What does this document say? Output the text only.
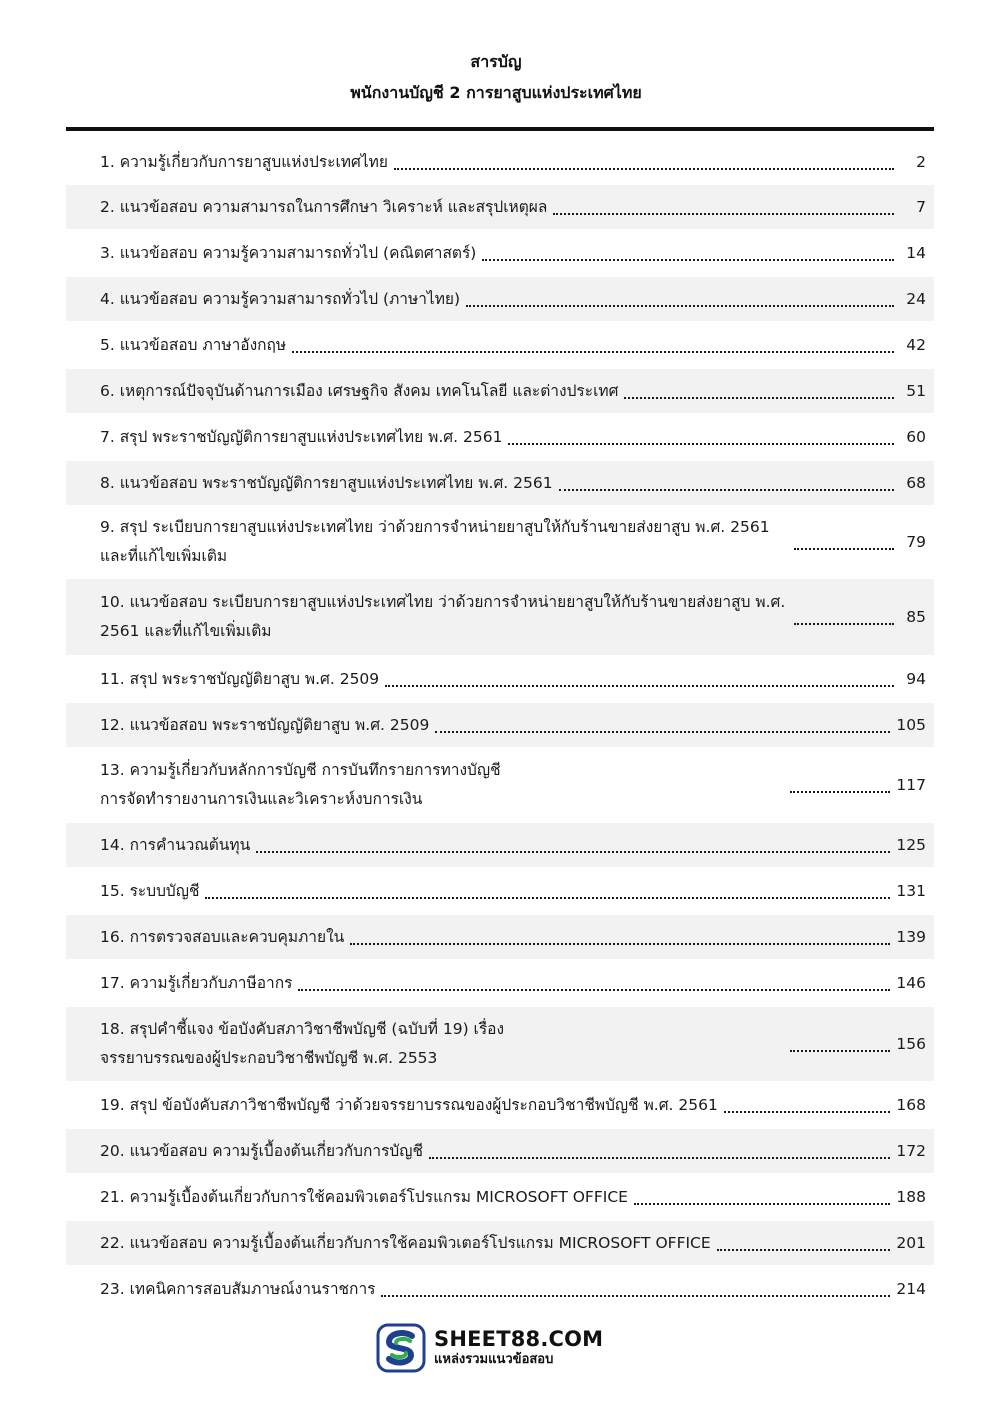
สารบัญ
พนักงานบัญชี 2 การยาสูบแห่งประเทศไทย
1. ความรู้เกี่ยวกับการยาสูบแห่งประเทศไทย	2
2. แนวข้อสอบ ความสามารถในการศึกษา วิเคราะห์ และสรุปเหตุผล	7
3. แนวข้อสอบ ความรู้ความสามารถทั่วไป (คณิตศาสตร์)	14
4. แนวข้อสอบ ความรู้ความสามารถทั่วไป (ภาษาไทย)	24
5. แนวข้อสอบ ภาษาอังกฤษ	42
6. เหตุการณ์ปัจจุบันด้านการเมือง เศรษฐกิจ สังคม เทคโนโลยี และต่างประเทศ	51
7. สรุป พระราชบัญญัติการยาสูบแห่งประเทศไทย พ.ศ. 2561	60
8. แนวข้อสอบ พระราชบัญญัติการยาสูบแห่งประเทศไทย พ.ศ. 2561	68
9. สรุป ระเบียบการยาสูบแห่งประเทศไทย ว่าด้วยการจำหน่ายยาสูบให้กับร้านขายส่งยาสูบ พ.ศ. 2561 และที่แก้ไขเพิ่มเติม
79
10. แนวข้อสอบ ระเบียบการยาสูบแห่งประเทศไทย ว่าด้วยการจำหน่ายยาสูบให้กับร้านขายส่งยาสูบ พ.ศ. 2561 และที่แก้ไขเพิ่มเติม
85
11. สรุป พระราชบัญญัติยาสูบ พ.ศ. 2509	94
12. แนวข้อสอบ พระราชบัญญัติยาสูบ พ.ศ. 2509	105
13. ความรู้เกี่ยวกับหลักการบัญชี การบันทึกรายการทางบัญชี การจัดทำรายงานการเงินและวิเคราะห์งบการเงิน
117
14. การคำนวณต้นทุน	125
15. ระบบบัญชี	131
16. การตรวจสอบและควบคุมภายใน	139
17. ความรู้เกี่ยวกับภาษีอากร	146
18. สรุปคำชี้แจง ข้อบังคับสภาวิชาชีพบัญชี (ฉบับที่ 19) เรื่อง จรรยาบรรณของผู้ประกอบวิชาชีพบัญชี พ.ศ. 2553
156
19. สรุป ข้อบังคับสภาวิชาชีพบัญชี ว่าด้วยจรรยาบรรณของผู้ประกอบวิชาชีพบัญชี พ.ศ. 2561	168
20. แนวข้อสอบ ความรู้เบื้องต้นเกี่ยวกับการบัญชี	172
21. ความรู้เบื้องต้นเกี่ยวกับการใช้คอมพิวเตอร์โปรแกรม MICROSOFT OFFICE	188
22. แนวข้อสอบ ความรู้เบื้องต้นเกี่ยวกับการใช้คอมพิวเตอร์โปรแกรม MICROSOFT OFFICE	201
23. เทคนิคการสอบสัมภาษณ์งานราชการ	214
SHEET88.COM
แหล่งรวมแนวข้อสอบ
